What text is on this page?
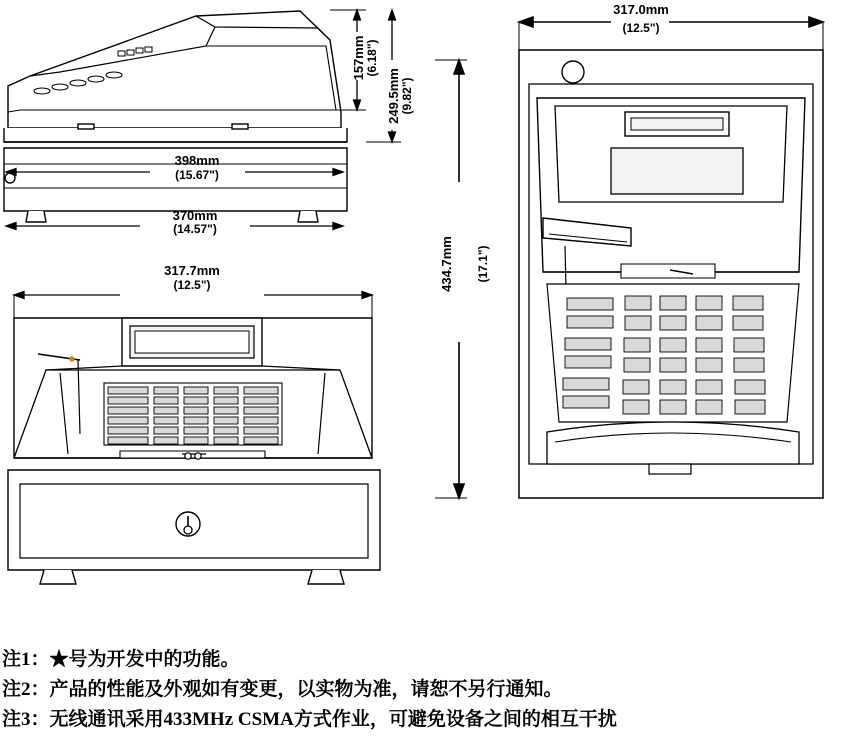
398mm
(15.67")
370mm
(14.57")
157mm (6.18")
249.5mm (9.82")
317.7mm
(12.5")
317.0mm
(12.5")
434.7mm (17.1")
注1：★号为开发中的功能。
注2：产品的性能及外观如有变更，以实物为准，请恕不另行通知。
注3：无线通讯采用433MHz CSMA方式作业，可避免设备之间的相互干扰
